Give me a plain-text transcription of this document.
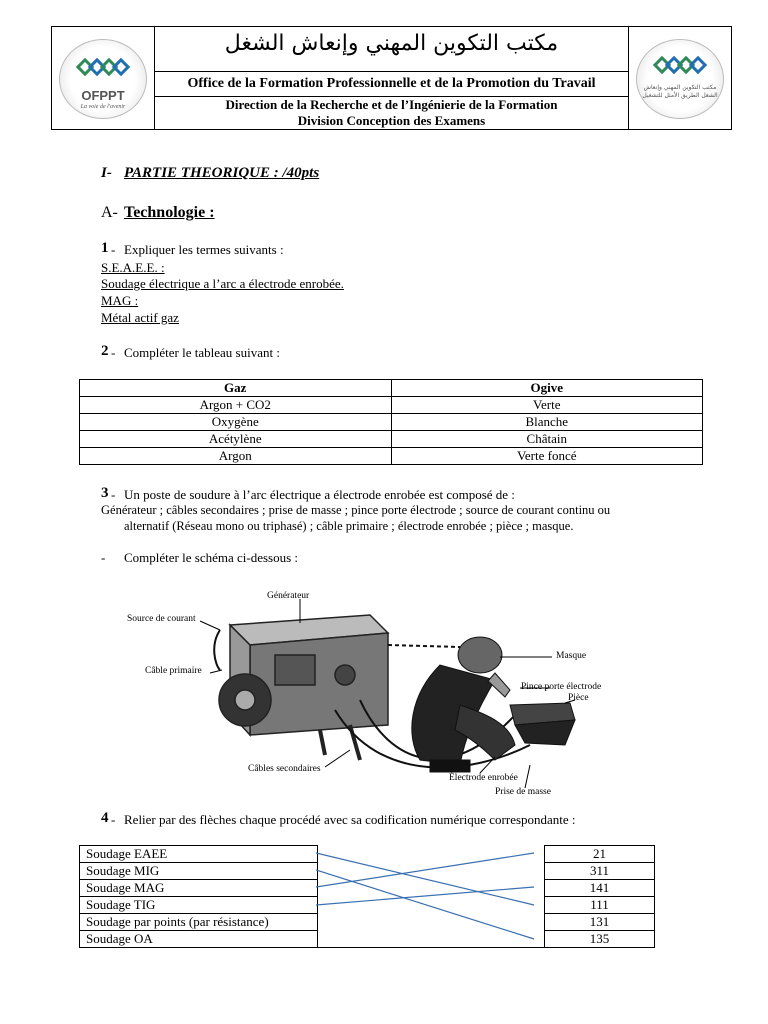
OFPPT
La voie de l'avenir
مكتب التكوين المهني وإنعاش الشغل
Office de la Formation Professionnelle et de la Promotion du Travail
Direction de la Recherche et de l’Ingénierie de la Formation
Division Conception des Examens
مكتب التكوين المهني وإنعاش الشغل الطريق الأمثل للتشغيل
I- PARTIE THEORIQUE : /40pts
A- Technologie :
1 - Expliquer les termes suivants :
S.E.A.E.E. :
Soudage électrique a l’arc a électrode enrobée.
MAG :
Métal actif gaz
2 - Compléter le tableau suivant :
Gaz	Ogive
Argon + CO2	Verte
Oxygène	Blanche
Acétylène	Châtain
Argon	Verte foncé
3 - Un poste de soudure à l’arc électrique a électrode enrobée est composé de :
Générateur ; câbles secondaires ; prise de masse ; pince porte électrode ; source de courant continu ou
alternatif (Réseau mono ou triphasé) ; câble primaire ; électrode enrobée ; pièce ; masque.
- Compléter le schéma ci-dessous :
Générateur
Source de courant
Câble primaire
Masque
Pince porte électrode
Pièce
Câbles secondaires
Électrode enrobée
Prise de masse
4 - Relier par des flèches chaque procédé avec sa codification numérique correspondante :
Soudage EAEE		21
Soudage MIG		311
Soudage MAG		141
Soudage TIG		111
Soudage par points (par résistance)		131
Soudage OA		135
